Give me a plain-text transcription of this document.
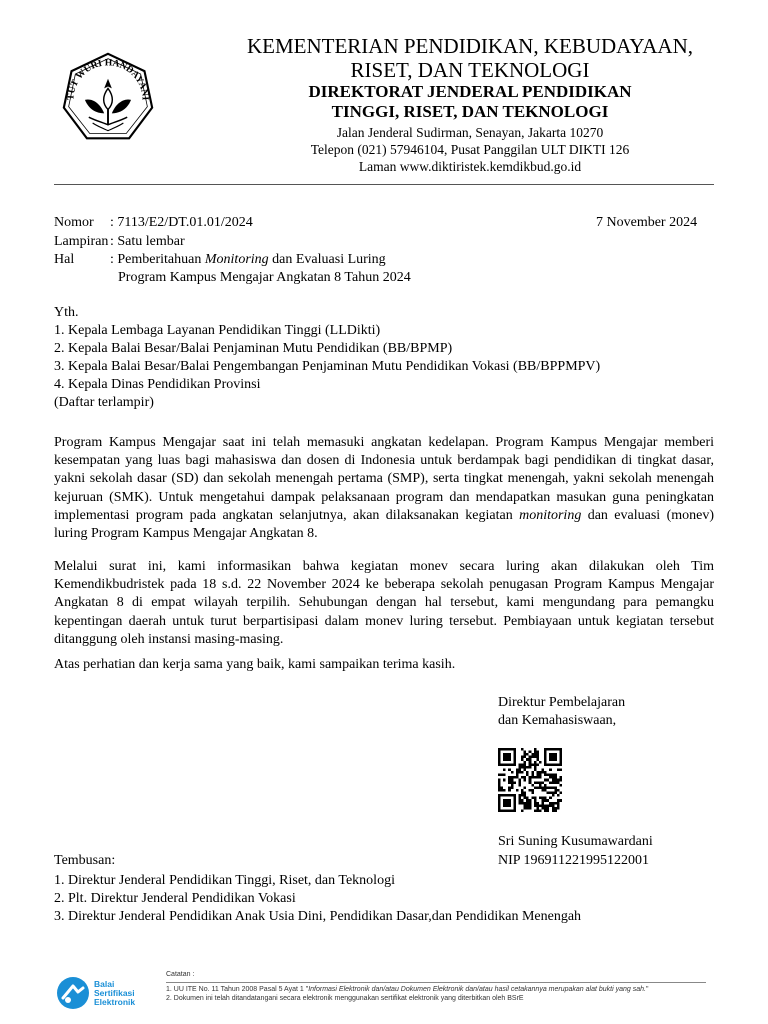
TUT WURI HANDAYANI
KEMENTERIAN PENDIDIKAN, KEBUDAYAAN,
RISET, DAN TEKNOLOGI
DIREKTORAT JENDERAL PENDIDIKAN
TINGGI, RISET, DAN TEKNOLOGI
Jalan Jenderal Sudirman, Senayan, Jakarta 10270
Telepon (021) 57946104, Pusat Panggilan ULT DIKTI 126
Laman www.diktiristek.kemdikbud.go.id
Nomor : 7113/E2/DT.01.01/2024	7 November 2024
Lampiran : Satu lembar
Hal	: Pemberitahuan Monitoring dan Evaluasi Luring
Program Kampus Mengajar Angkatan 8 Tahun 2024
Yth.
1. Kepala Lembaga Layanan Pendidikan Tinggi (LLDikti)
2. Kepala Balai Besar/Balai Penjaminan Mutu Pendidikan (BB/BPMP)
3. Kepala Balai Besar/Balai Pengembangan Penjaminan Mutu Pendidikan Vokasi (BB/BPPMPV)
4. Kepala Dinas Pendidikan Provinsi
(Daftar terlampir)

Program Kampus Mengajar saat ini telah memasuki angkatan kedelapan. Program Kampus Mengajar memberi kesempatan yang luas bagi mahasiswa dan dosen di Indonesia untuk berdampak bagi pendidikan di tingkat dasar, yakni sekolah dasar (SD) dan sekolah menengah pertama (SMP), serta tingkat menengah, yakni sekolah menengah kejuruan (SMK). Untuk mengetahui dampak pelaksanaan program dan mendapatkan masukan guna peningkatan implementasi program pada angkatan selanjutnya, akan dilaksanakan kegiatan monitoring dan evaluasi (monev) luring Program Kampus Mengajar Angkatan 8.

Melalui surat ini, kami informasikan bahwa kegiatan monev secara luring akan dilakukan oleh Tim Kemendikbudristek pada 18 s.d. 22 November 2024 ke beberapa sekolah penugasan Program Kampus Mengajar Angkatan 8 di empat wilayah terpilih. Sehubungan dengan hal tersebut, kami mengundang para pemangku kepentingan daerah untuk turut berpartisipasi dalam monev luring tersebut. Pembiayaan untuk kegiatan tersebut ditanggung oleh instansi masing-masing.

Atas perhatian dan kerja sama yang baik, kami sampaikan terima kasih.

Direktur Pembelajaran
dan Kemahasiswaan,
Sri Suning Kusumawardani
NIP 196911221995122001
Tembusan:
1. Direktur Jenderal Pendidikan Tinggi, Riset, dan Teknologi
2. Plt. Direktur Jenderal Pendidikan Vokasi
3. Direktur Jenderal Pendidikan Anak Usia Dini, Pendidikan Dasar,dan Pendidikan Menengah
Balai
Sertifikasi
Elektronik
Catatan :
1. UU ITE No. 11 Tahun 2008 Pasal 5 Ayat 1 "Informasi Elektronik dan/atau Dokumen Elektronik dan/atau hasil cetakannya merupakan alat bukti yang sah."
2. Dokumen ini telah ditandatangani secara elektronik menggunakan sertifikat elektronik yang diterbitkan oleh BSrE
